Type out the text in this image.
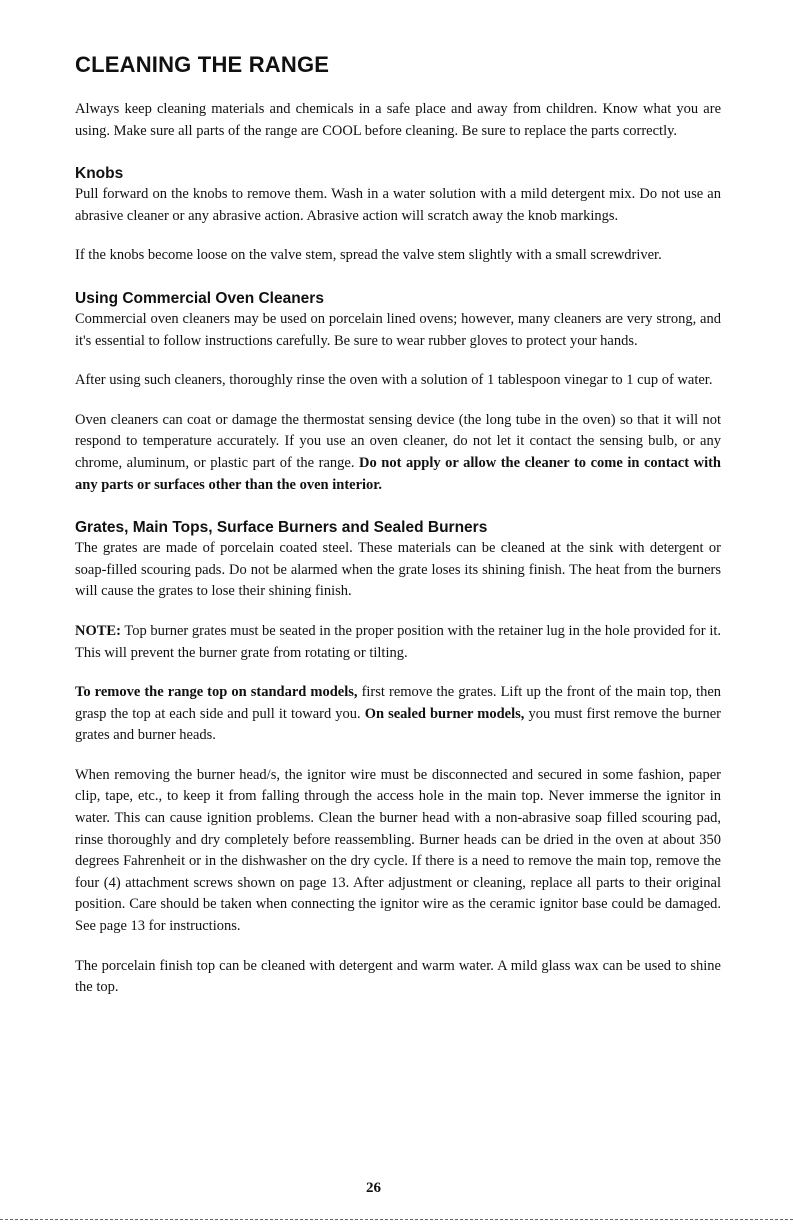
CLEANING THE RANGE

Always keep cleaning materials and chemicals in a safe place and away from children. Know what you are using. Make sure all parts of the range are COOL before cleaning. Be sure to replace the parts correctly.

Knobs

Pull forward on the knobs to remove them. Wash in a water solution with a mild detergent mix. Do not use an abrasive cleaner or any abrasive action. Abrasive action will scratch away the knob markings.

If the knobs become loose on the valve stem, spread the valve stem slightly with a small screwdriver.

Using Commercial Oven Cleaners

Commercial oven cleaners may be used on porcelain lined ovens; however, many cleaners are very strong, and it's essential to follow instructions carefully. Be sure to wear rubber gloves to protect your hands.

After using such cleaners, thoroughly rinse the oven with a solution of 1 tablespoon vinegar to 1 cup of water.

Oven cleaners can coat or damage the thermostat sensing device (the long tube in the oven) so that it will not respond to temperature accurately. If you use an oven cleaner, do not let it contact the sensing bulb, or any chrome, aluminum, or plastic part of the range. Do not apply or allow the cleaner to come in contact with any parts or surfaces other than the oven interior.

Grates, Main Tops, Surface Burners and Sealed Burners

The grates are made of porcelain coated steel. These materials can be cleaned at the sink with detergent or soap-filled scouring pads. Do not be alarmed when the grate loses its shining finish. The heat from the burners will cause the grates to lose their shining finish.

NOTE: Top burner grates must be seated in the proper position with the retainer lug in the hole provided for it. This will prevent the burner grate from rotating or tilting.

To remove the range top on standard models, first remove the grates. Lift up the front of the main top, then grasp the top at each side and pull it toward you. On sealed burner models, you must first remove the burner grates and burner heads.

When removing the burner head/s, the ignitor wire must be disconnected and secured in some fashion, paper clip, tape, etc., to keep it from falling through the access hole in the main top. Never immerse the ignitor in water. This can cause ignition problems. Clean the burner head with a non-abrasive soap filled scouring pad, rinse thoroughly and dry completely before reassembling. Burner heads can be dried in the oven at about 350 degrees Fahrenheit or in the dishwasher on the dry cycle. If there is a need to remove the main top, remove the four (4) attachment screws shown on page 13. After adjustment or cleaning, replace all parts to their original position. Care should be taken when connecting the ignitor wire as the ceramic ignitor base could be damaged. See page 13 for instructions.

The porcelain finish top can be cleaned with detergent and warm water. A mild glass wax can be used to shine the top.

26
